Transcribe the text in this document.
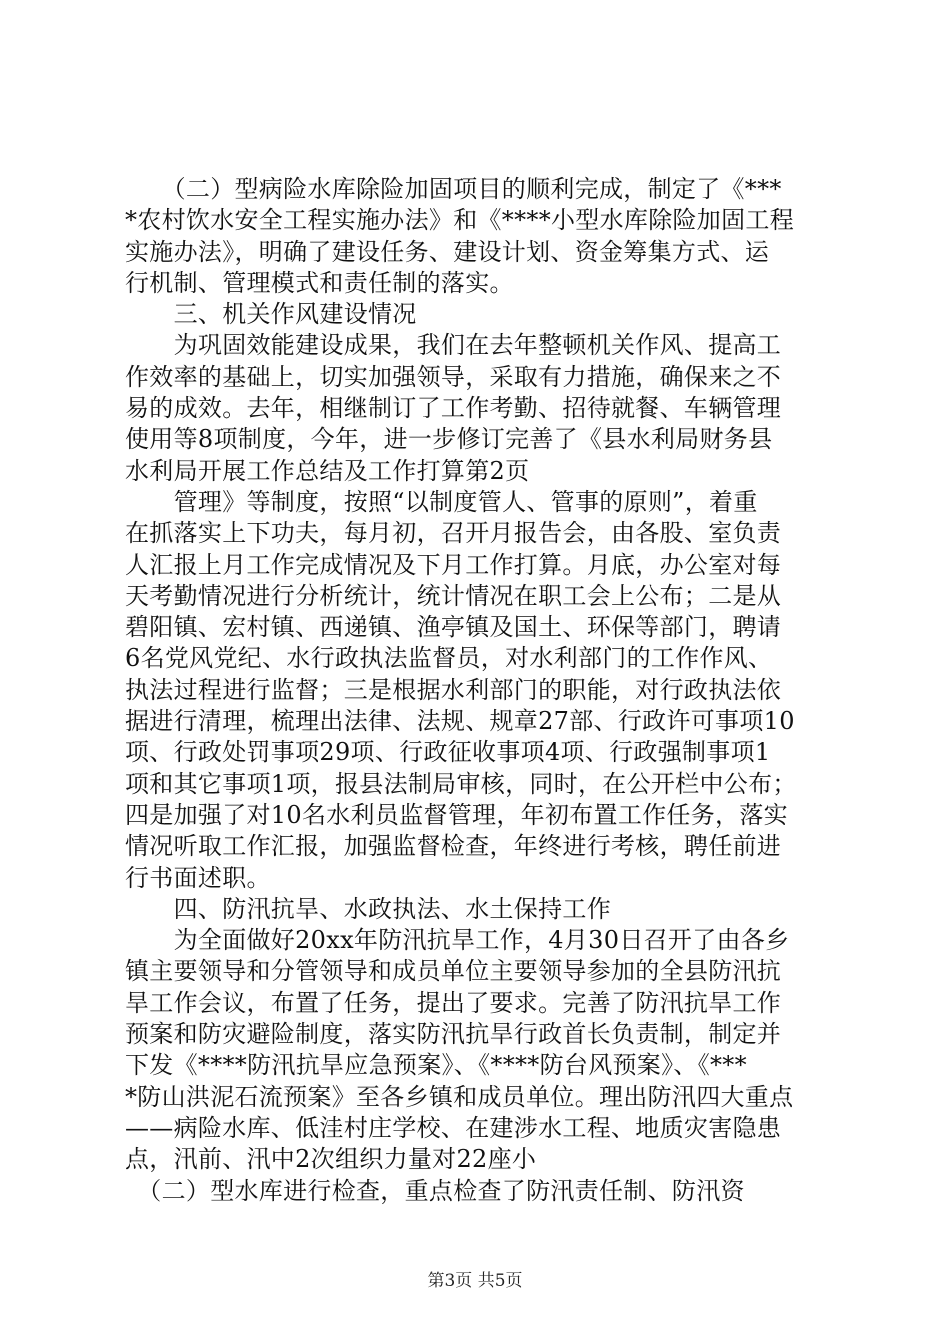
　　（二）型病险水库除险加固项目的顺利完成，制定了《***
*农村饮水安全工程实施办法》和《****小型水库除险加固工程
实施办法》，明确了建设任务、建设计划、资金筹集方式、运
行机制、管理模式和责任制的落实。
　　三、机关作风建设情况
　　为巩固效能建设成果，我们在去年整顿机关作风、提高工
作效率的基础上，切实加强领导，采取有力措施，确保来之不
易的成效。去年，相继制订了工作考勤、招待就餐、车辆管理
使用等8项制度，今年，进一步修订完善了《县水利局财务县
水利局开展工作总结及工作打算第2页
　　管理》等制度，按照“以制度管人、管事的原则”，着重
在抓落实上下功夫，每月初，召开月报告会，由各股、室负责
人汇报上月工作完成情况及下月工作打算。月底，办公室对每
天考勤情况进行分析统计，统计情况在职工会上公布；二是从
碧阳镇、宏村镇、西递镇、渔亭镇及国土、环保等部门，聘请
6名党风党纪、水行政执法监督员，对水利部门的工作作风、
执法过程进行监督；三是根据水利部门的职能，对行政执法依
据进行清理，梳理出法律、法规、规章27部、行政许可事项10
项、行政处罚事项29项、行政征收事项4项、行政强制事项1
项和其它事项1项，报县法制局审核，同时，在公开栏中公布；
四是加强了对10名水利员监督管理，年初布置工作任务，落实
情况听取工作汇报，加强监督检查，年终进行考核，聘任前进
行书面述职。
　　四、防汛抗旱、水政执法、水土保持工作
　　为全面做好20xx年防汛抗旱工作，4月30日召开了由各乡
镇主要领导和分管领导和成员单位主要领导参加的全县防汛抗
旱工作会议，布置了任务，提出了要求。完善了防汛抗旱工作
预案和防灾避险制度，落实防汛抗旱行政首长负责制，制定并
下发《****防汛抗旱应急预案》、《****防台风预案》、《***
*防山洪泥石流预案》至各乡镇和成员单位。理出防汛四大重点
——病险水库、低洼村庄学校、在建涉水工程、地质灾害隐患
点，汛前、汛中2次组织力量对22座小
　（二）型水库进行检查，重点检查了防汛责任制、防汛资
第3页 共5页
